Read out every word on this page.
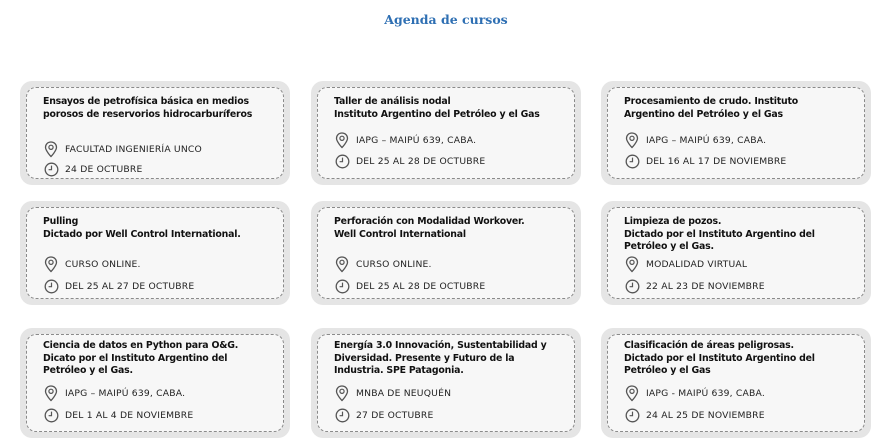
Agenda de cursos
Ensayos de petrofísica básica en medios
porosos de reservorios hidrocarburíferos
FACULTAD INGENIERÍA UNCO
24 DE OCTUBRE
Taller de análisis nodal
Instituto Argentino del Petróleo y el Gas
IAPG – MAIPÚ 639, CABA.
DEL 25 AL 28 DE OCTUBRE
Procesamiento de crudo. Instituto
Argentino del Petróleo y el Gas
IAPG – MAIPÚ 639, CABA.
DEL 16 AL 17 DE NOVIEMBRE
Pulling
Dictado por Well Control International.
CURSO ONLINE.
DEL 25 AL 27 DE OCTUBRE
Perforación con Modalidad Workover.
Well Control International
CURSO ONLINE.
DEL 25 AL 28 DE OCTUBRE
Limpieza de pozos.
Dictado por el Instituto Argentino del
Petróleo y el Gas.
MODALIDAD VIRTUAL
22 AL 23 DE NOVIEMBRE
Ciencia de datos en Python para O&G.
Dicato por el Instituto Argentino del
Petróleo y el Gas.
IAPG – MAIPÚ 639, CABA.
DEL 1 AL 4 DE NOVIEMBRE
Energía 3.0 Innovación, Sustentabilidad y
Diversidad. Presente y Futuro de la
Industria. SPE Patagonia.
MNBA DE NEUQUÉN
27 DE OCTUBRE
Clasificación de áreas peligrosas.
Dictado por el Instituto Argentino del
Petróleo y el Gas
IAPG - MAIPÚ 639, CABA.
24 AL 25 DE NOVIEMBRE
